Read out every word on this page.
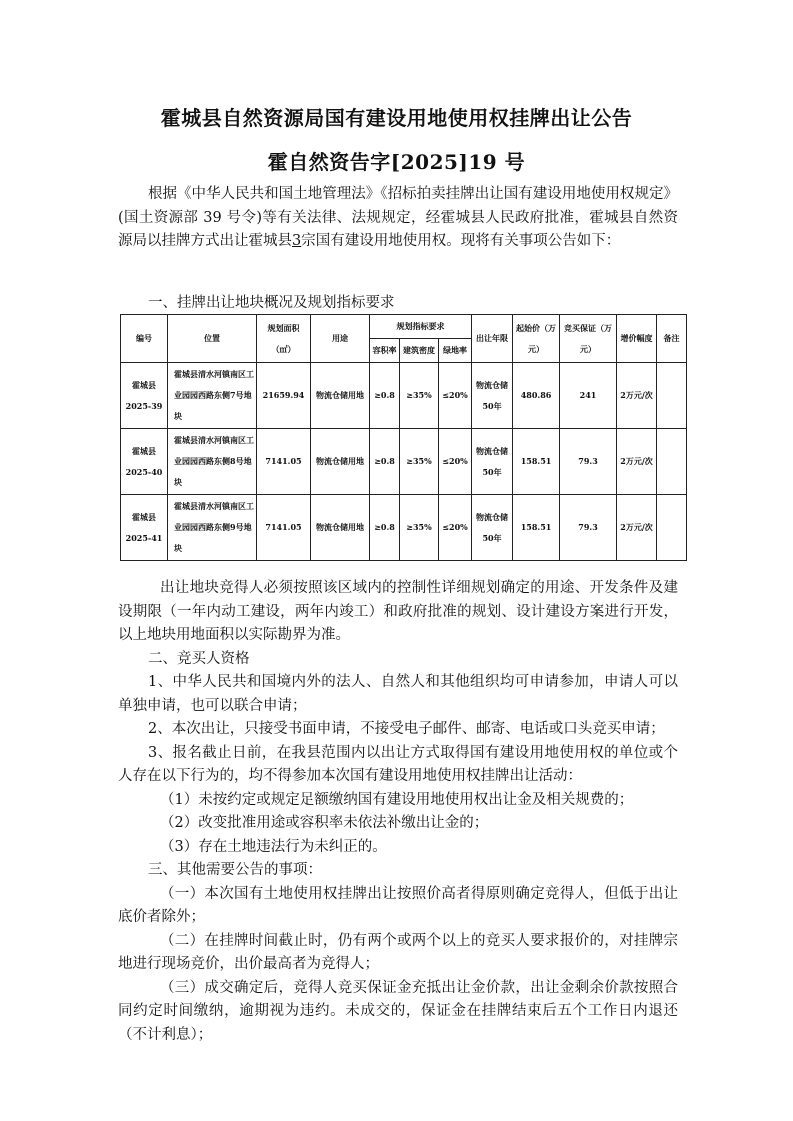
霍城县自然资源局国有建设用地使用权挂牌出让公告
霍自然资告字[2025]19 号
根据《中华人民共和国土地管理法》《招标拍卖挂牌出让国有建设用地使用权规定》(国土资源部 39 号令)等有关法律、法规规定，经霍城县人民政府批准，霍城县自然资源局以挂牌方式出让霍城县3宗国有建设用地使用权。现将有关事项公告如下：
一、挂牌出让地块概况及规划指标要求
编号	位置	规划面积（㎡）	用途	规划指标要求			出让年限	起始价（万元）	竞买保证（万元）	增价幅度	备注
				容积率	建筑密度	绿地率					
霍城县2025-39	霍城县清水河镇南区工业园园西路东侧7号地块	21659.94	物流仓储用地	≥0.8	≥35%	≤20%	物流仓储50年	480.86	241	2万元/次	
霍城县2025-40	霍城县清水河镇南区工业园园西路东侧8号地块	7141.05	物流仓储用地	≥0.8	≥35%	≤20%	物流仓储50年	158.51	79.3	2万元/次	
霍城县2025-41	霍城县清水河镇南区工业园园西路东侧9号地块	7141.05	物流仓储用地	≥0.8	≥35%	≤20%	物流仓储50年	158.51	79.3	2万元/次	

出让地块竞得人必须按照该区域内的控制性详细规划确定的用途、开发条件及建设期限（一年内动工建设，两年内竣工）和政府批准的规划、设计建设方案进行开发，以上地块用地面积以实际勘界为准。

二、竞买人资格

1、中华人民共和国境内外的法人、自然人和其他组织均可申请参加，申请人可以单独申请，也可以联合申请；

2、本次出让，只接受书面申请，不接受电子邮件、邮寄、电话或口头竞买申请；

3、报名截止日前，在我县范围内以出让方式取得国有建设用地使用权的单位或个人存在以下行为的，均不得参加本次国有建设用地使用权挂牌出让活动：

（1）未按约定或规定足额缴纳国有建设用地使用权出让金及相关规费的；

（2）改变批准用途或容积率未依法补缴出让金的；

（3）存在土地违法行为未纠正的。

三、其他需要公告的事项：

（一）本次国有土地使用权挂牌出让按照价高者得原则确定竞得人，但低于出让底价者除外；

（二）在挂牌时间截止时，仍有两个或两个以上的竞买人要求报价的，对挂牌宗地进行现场竞价，出价最高者为竞得人；

（三）成交确定后，竞得人竞买保证金充抵出让金价款，出让金剩余价款按照合同约定时间缴纳，逾期视为违约。未成交的，保证金在挂牌结束后五个工作日内退还（不计利息）；
